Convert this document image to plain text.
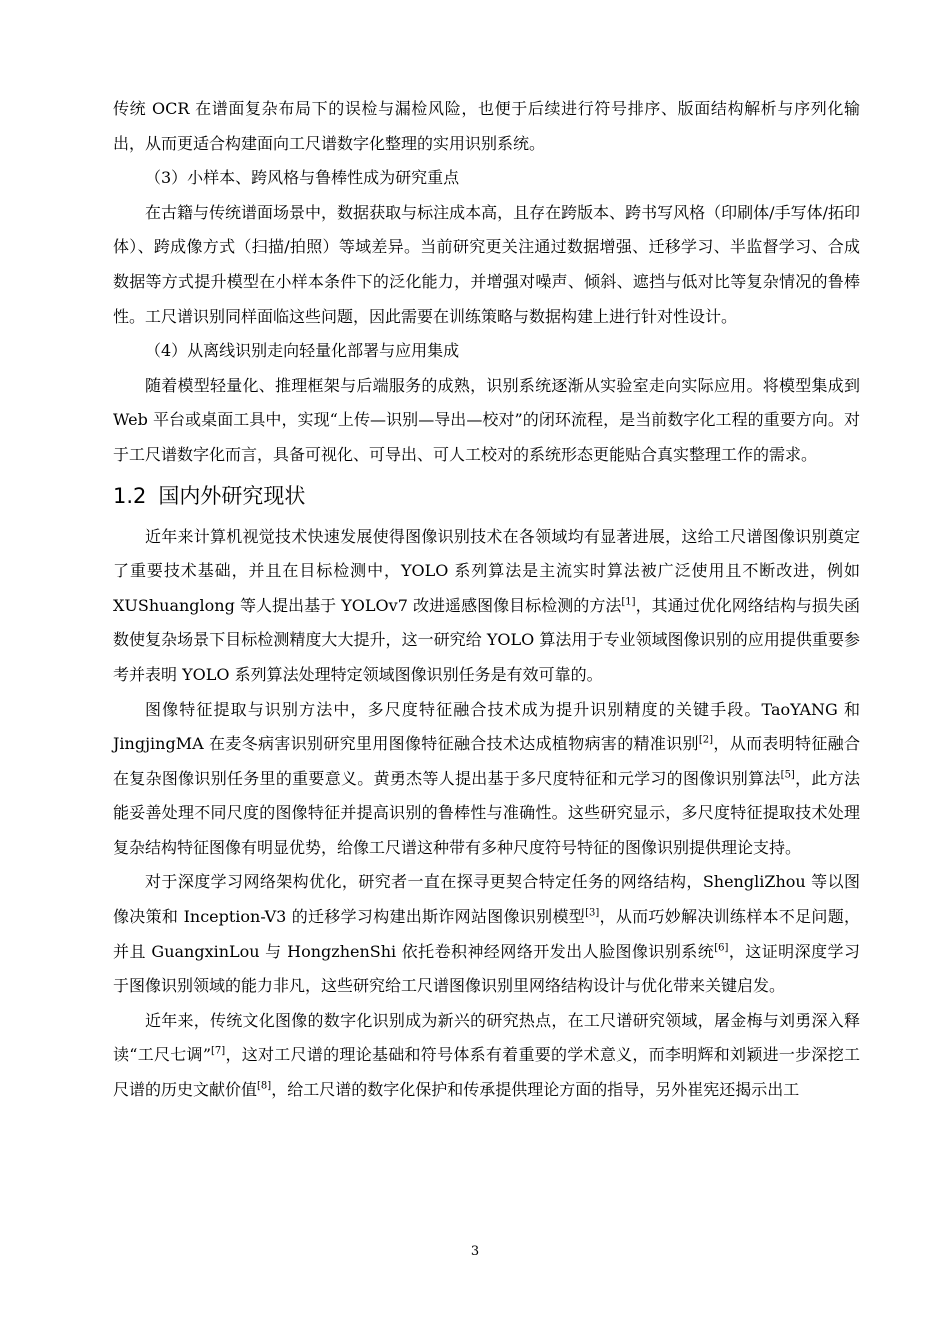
传统 OCR 在谱面复杂布局下的误检与漏检风险，也便于后续进行符号排序、版面结构解析与序列化输出，从而更适合构建面向工尺谱数字化整理的实用识别系统。

（3）小样本、跨风格与鲁棒性成为研究重点

在古籍与传统谱面场景中，数据获取与标注成本高，且存在跨版本、跨书写风格（印刷体/手写体/拓印体）、跨成像方式（扫描/拍照）等域差异。当前研究更关注通过数据增强、迁移学习、半监督学习、合成数据等方式提升模型在小样本条件下的泛化能力，并增强对噪声、倾斜、遮挡与低对比等复杂情况的鲁棒性。工尺谱识别同样面临这些问题，因此需要在训练策略与数据构建上进行针对性设计。

（4）从离线识别走向轻量化部署与应用集成

随着模型轻量化、推理框架与后端服务的成熟，识别系统逐渐从实验室走向实际应用。将模型集成到 Web 平台或桌面工具中，实现“上传—识别—导出—校对”的闭环流程，是当前数字化工程的重要方向。对于工尺谱数字化而言，具备可视化、可导出、可人工校对的系统形态更能贴合真实整理工作的需求。

1.2 国内外研究现状

近年来计算机视觉技术快速发展使得图像识别技术在各领域均有显著进展，这给工尺谱图像识别奠定了重要技术基础，并且在目标检测中，YOLO 系列算法是主流实时算法被广泛使用且不断改进，例如 XUShuanglong 等人提出基于 YOLOv7 改进遥感图像目标检测的方法[1]，其通过优化网络结构与损失函数使复杂场景下目标检测精度大大提升，这一研究给 YOLO 算法用于专业领域图像识别的应用提供重要参考并表明 YOLO 系列算法处理特定领域图像识别任务是有效可靠的。

图像特征提取与识别方法中，多尺度特征融合技术成为提升识别精度的关键手段。TaoYANG 和 JingjingMA 在麦冬病害识别研究里用图像特征融合技术达成植物病害的精准识别[2]，从而表明特征融合在复杂图像识别任务里的重要意义。黄勇杰等人提出基于多尺度特征和元学习的图像识别算法[5]，此方法能妥善处理不同尺度的图像特征并提高识别的鲁棒性与准确性。这些研究显示，多尺度特征提取技术处理复杂结构特征图像有明显优势，给像工尺谱这种带有多种尺度符号特征的图像识别提供理论支持。

对于深度学习网络架构优化，研究者一直在探寻更契合特定任务的网络结构，ShengliZhou 等以图像决策和 Inception-V3 的迁移学习构建出斯诈网站图像识别模型[3]，从而巧妙解决训练样本不足问题，并且 GuangxinLou 与 HongzhenShi 依托卷积神经网络开发出人脸图像识别系统[6]，这证明深度学习于图像识别领域的能力非凡，这些研究给工尺谱图像识别里网络结构设计与优化带来关键启发。

近年来，传统文化图像的数字化识别成为新兴的研究热点，在工尺谱研究领域，屠金梅与刘勇深入释读“工尺七调”[7]，这对工尺谱的理论基础和符号体系有着重要的学术意义，而李明辉和刘颖进一步深挖工尺谱的历史文献价值[8]，给工尺谱的数字化保护和传承提供理论方面的指导，另外崔宪还揭示出工

3
